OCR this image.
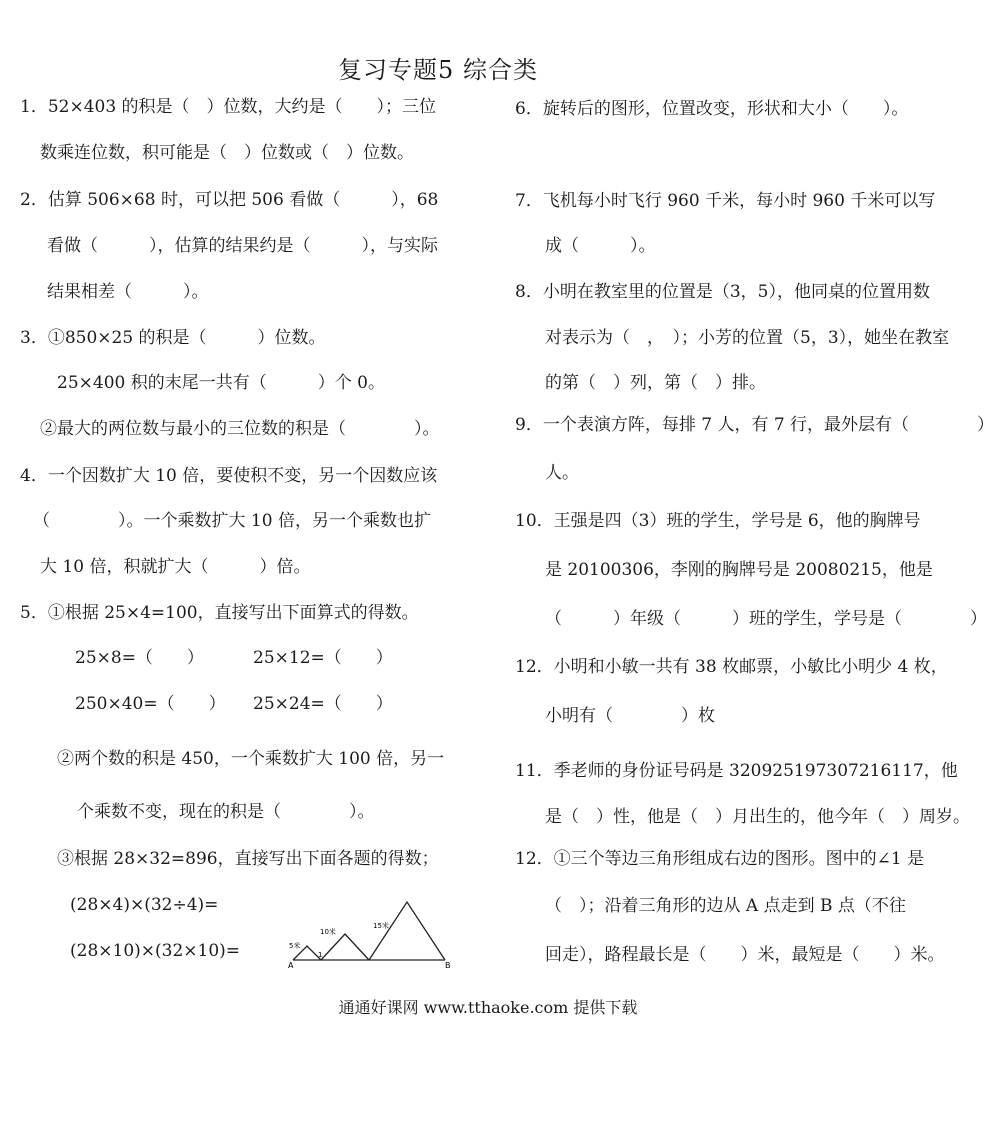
复习专题5 综合类
1．52×403 的积是（　）位数，大约是（　　）；三位
数乘连位数，积可能是（　）位数或（　）位数。
2．估算 506×68 时，可以把 506 看做（　　　），68
看做（　　　），估算的结果约是（　　　），与实际
结果相差（　　　）。
3．①850×25 的积是（　　　）位数。
25×400 积的末尾一共有（　　　）个 0。
②最大的两位数与最小的三位数的积是（　　　　）。
4．一个因数扩大 10 倍，要使积不变，另一个因数应该
（　　　　）。一个乘数扩大 10 倍，另一个乘数也扩
大 10 倍，积就扩大（　　　）倍。
5．①根据 25×4=100，直接写出下面算式的得数。
25×8=（　　）	25×12=（　　）
250×40=（　　） 25×24=（　　）
②两个数的积是 450，一个乘数扩大 100 倍，另一
个乘数不变，现在的积是（　　　　）。
③根据 28×32=896，直接写出下面各题的得数；
(28×4)×(32÷4)=
(28×10)×(32×10)=
6．旋转后的图形，位置改变，形状和大小（　　）。
7．飞机每小时飞行 960 千米，每小时 960 千米可以写
成（　　　）。
8．小明在教室里的位置是（3，5），他同桌的位置用数
对表示为（　，　）；小芳的位置（5，3），她坐在教室
的第（　）列，第（　）排。
9．一个表演方阵，每排 7 人，有 7 行，最外层有（　　　　）
人。
10．王强是四（3）班的学生，学号是 6，他的胸牌号
是 20100306，李刚的胸牌号是 20080215，他是
（　　　）年级（　　　）班的学生，学号是（　　　　）
12．小明和小敏一共有 38 枚邮票，小敏比小明少 4 枚，
小明有（　　　　）枚
11．季老师的身份证号码是 320925197307216117，他
是（　）性，他是（　）月出生的，他今年（　）周岁。
12．①三个等边三角形组成右边的图形。图中的∠1 是
（　）；沿着三角形的边从 A 点走到 B 点（不往
回走），路程最长是（　　）米，最短是（　　）米。
5米
10米
15米
1
A	B
通通好课网 www.tthaoke.com 提供下载
